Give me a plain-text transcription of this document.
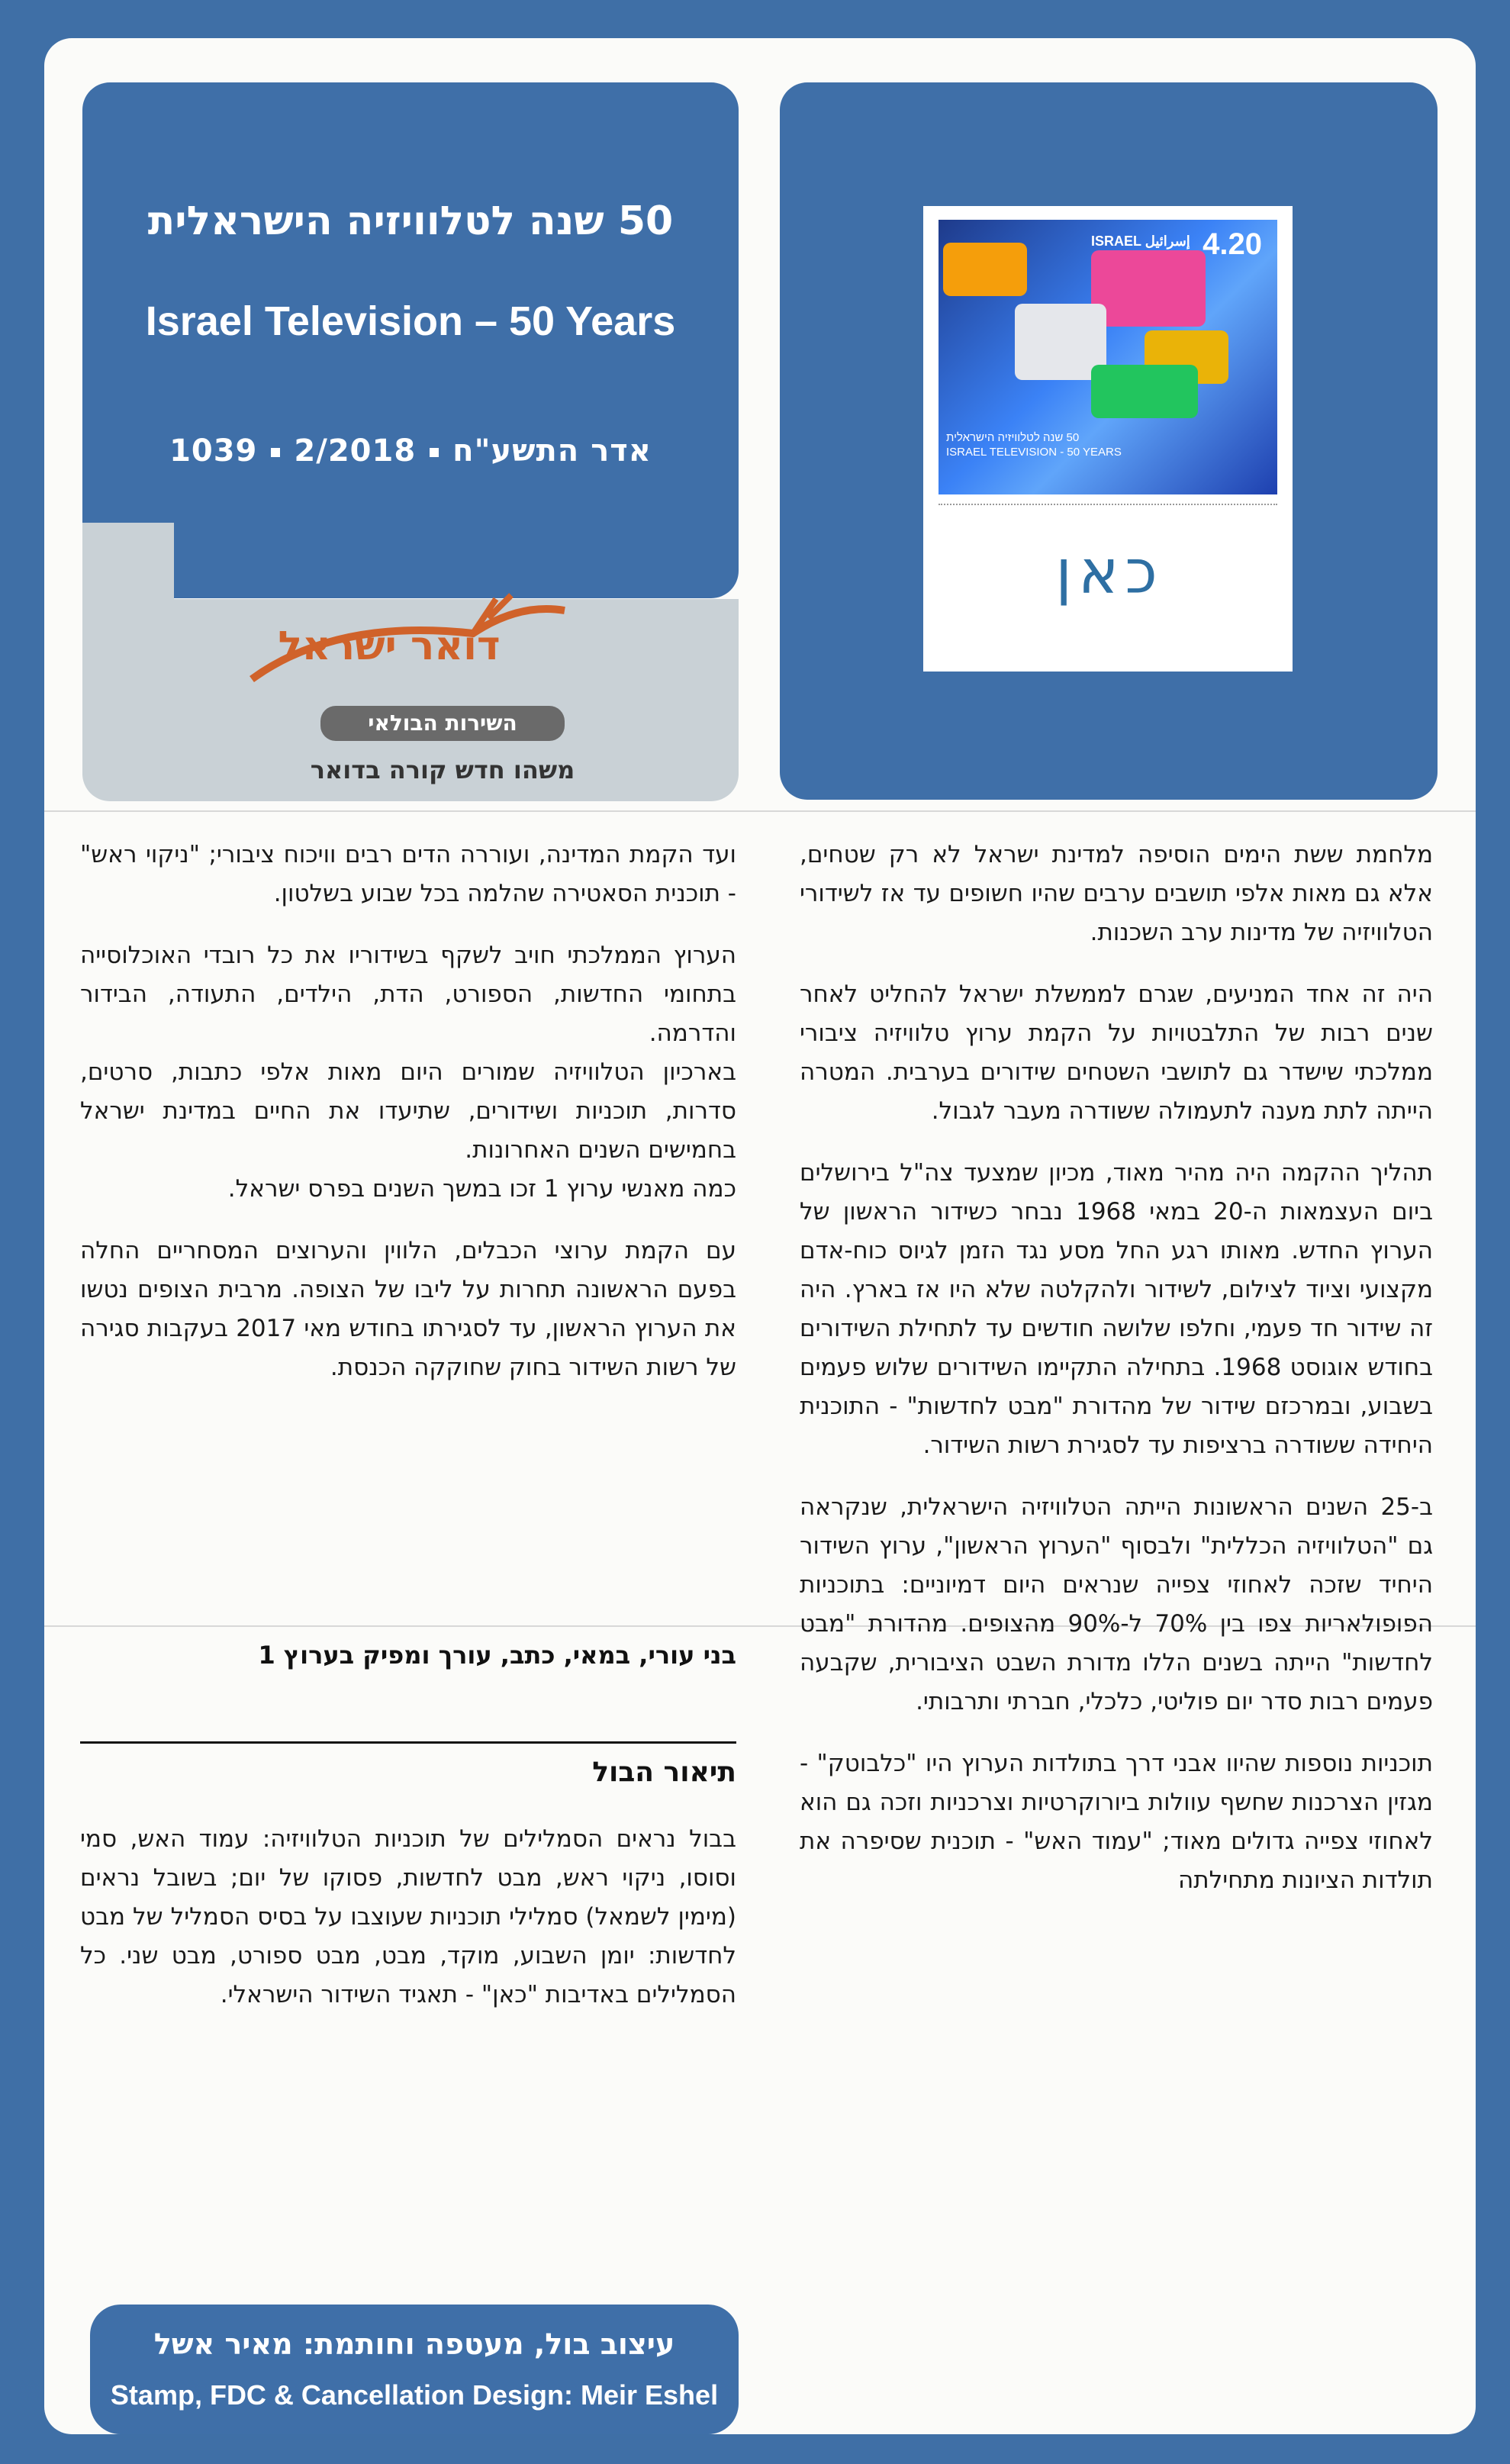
50 שנה לטלוויזיה הישראלית
Israel Television – 50 Years
אדר התשע"ח2/20181039
דואר ישראל
השירות הבולאי
משהו חדש קורה בדואר
ISRAEL إسرائيل 4.20
50 שנה לטלוויזיה הישראלית
ISRAEL TELEVISION - 50 YEARS
כאן

מלחמת ששת הימים הוסיפה למדינת ישראל לא רק שטחים, אלא גם מאות אלפי תושבים ערבים שהיו חשופים עד אז לשידורי הטלוויזיה של מדינות ערב השכנות.

היה זה אחד המניעים, שגרם לממשלת ישראל להחליט לאחר שנים רבות של התלבטויות על הקמת ערוץ טלוויזיה ציבורי ממלכתי שישדר גם לתושבי השטחים שידורים בערבית. המטרה הייתה לתת מענה לתעמולה ששודרה מעבר לגבול.

תהליך ההקמה היה מהיר מאוד, מכיון שמצעד צה"ל בירושלים ביום העצמאות ה-20 במאי 1968 נבחר כשידור הראשון של הערוץ החדש. מאותו רגע החל מסע נגד הזמן לגיוס כוח-אדם מקצועי וציוד לצילום, לשידור ולהקלטה שלא היו אז בארץ. היה זה שידור חד פעמי, וחלפו שלושה חודשים עד לתחילת השידורים בחודש אוגוסט 1968. בתחילה התקיימו השידורים שלוש פעמים בשבוע, ובמרכזם שידור של מהדורת "מבט לחדשות" - התוכנית היחידה ששודרה ברציפות עד לסגירת רשות השידור.

ב-25 השנים הראשונות הייתה הטלוויזיה הישראלית, שנקראה גם "הטלוויזיה הכללית" ולבסוף "הערוץ הראשון", ערוץ השידור היחיד שזכה לאחוזי צפייה שנראים היום דמיוניים: בתוכניות הפופולאריות צפו בין 70% ל-90% מהצופים. מהדורת "מבט לחדשות" הייתה בשנים הללו מדורת השבט הציבורית, שקבעה פעמים רבות סדר יום פוליטי, כלכלי, חברתי ותרבותי.

תוכניות נוספות שהיוו אבני דרך בתולדות הערוץ היו "כלבוטק" - מגזין הצרכנות שחשף עוולות ביורוקרטיות וצרכניות וזכה גם הוא לאחוזי צפייה גדולים מאוד; "עמוד האש" - תוכנית שסיפרה את תולדות הציונות מתחילתה

ועד הקמת המדינה, ועוררה הדים רבים וויכוח ציבורי; "ניקוי ראש" - תוכנית הסאטירה שהלמה בכל שבוע בשלטון.

הערוץ הממלכתי חויב לשקף בשידוריו את כל רובדי האוכלוסייה בתחומי החדשות, הספורט, הדת, הילדים, התעודה, הבידור והדרמה.

בארכיון הטלוויזיה שמורים היום מאות אלפי כתבות, סרטים, סדרות, תוכניות ושידורים, שתיעדו את החיים במדינת ישראל בחמישים השנים האחרונות.

כמה מאנשי ערוץ 1 זכו במשך השנים בפרס ישראל.

עם הקמת ערוצי הכבלים, הלווין והערוצים המסחריים החלה בפעם הראשונה תחרות על ליבו של הצופה. מרבית הצופים נטשו את הערוץ הראשון, עד לסגירתו בחודש מאי 2017 בעקבות סגירה של רשות השידור בחוק שחוקקה הכנסת.

בני עורי, במאי, כתב, עורך ומפיק בערוץ 1
תיאור הבול

בבול נראים הסמלילים של תוכניות הטלוויזיה: עמוד האש, סמי וסוסו, ניקוי ראש, מבט לחדשות, פסוקו של יום; בשובל נראים (מימין לשמאל) סמלילי תוכניות שעוצבו על בסיס הסמליל של מבט לחדשות: יומן השבוע, מוקד, מבט, מבט ספורט, מבט שני. כל הסמלילים באדיבות "כאן" - תאגיד השידור הישראלי.

עיצוב בול, מעטפה וחותמת: מאיר אשל
Stamp, FDC & Cancellation Design: Meir Eshel
